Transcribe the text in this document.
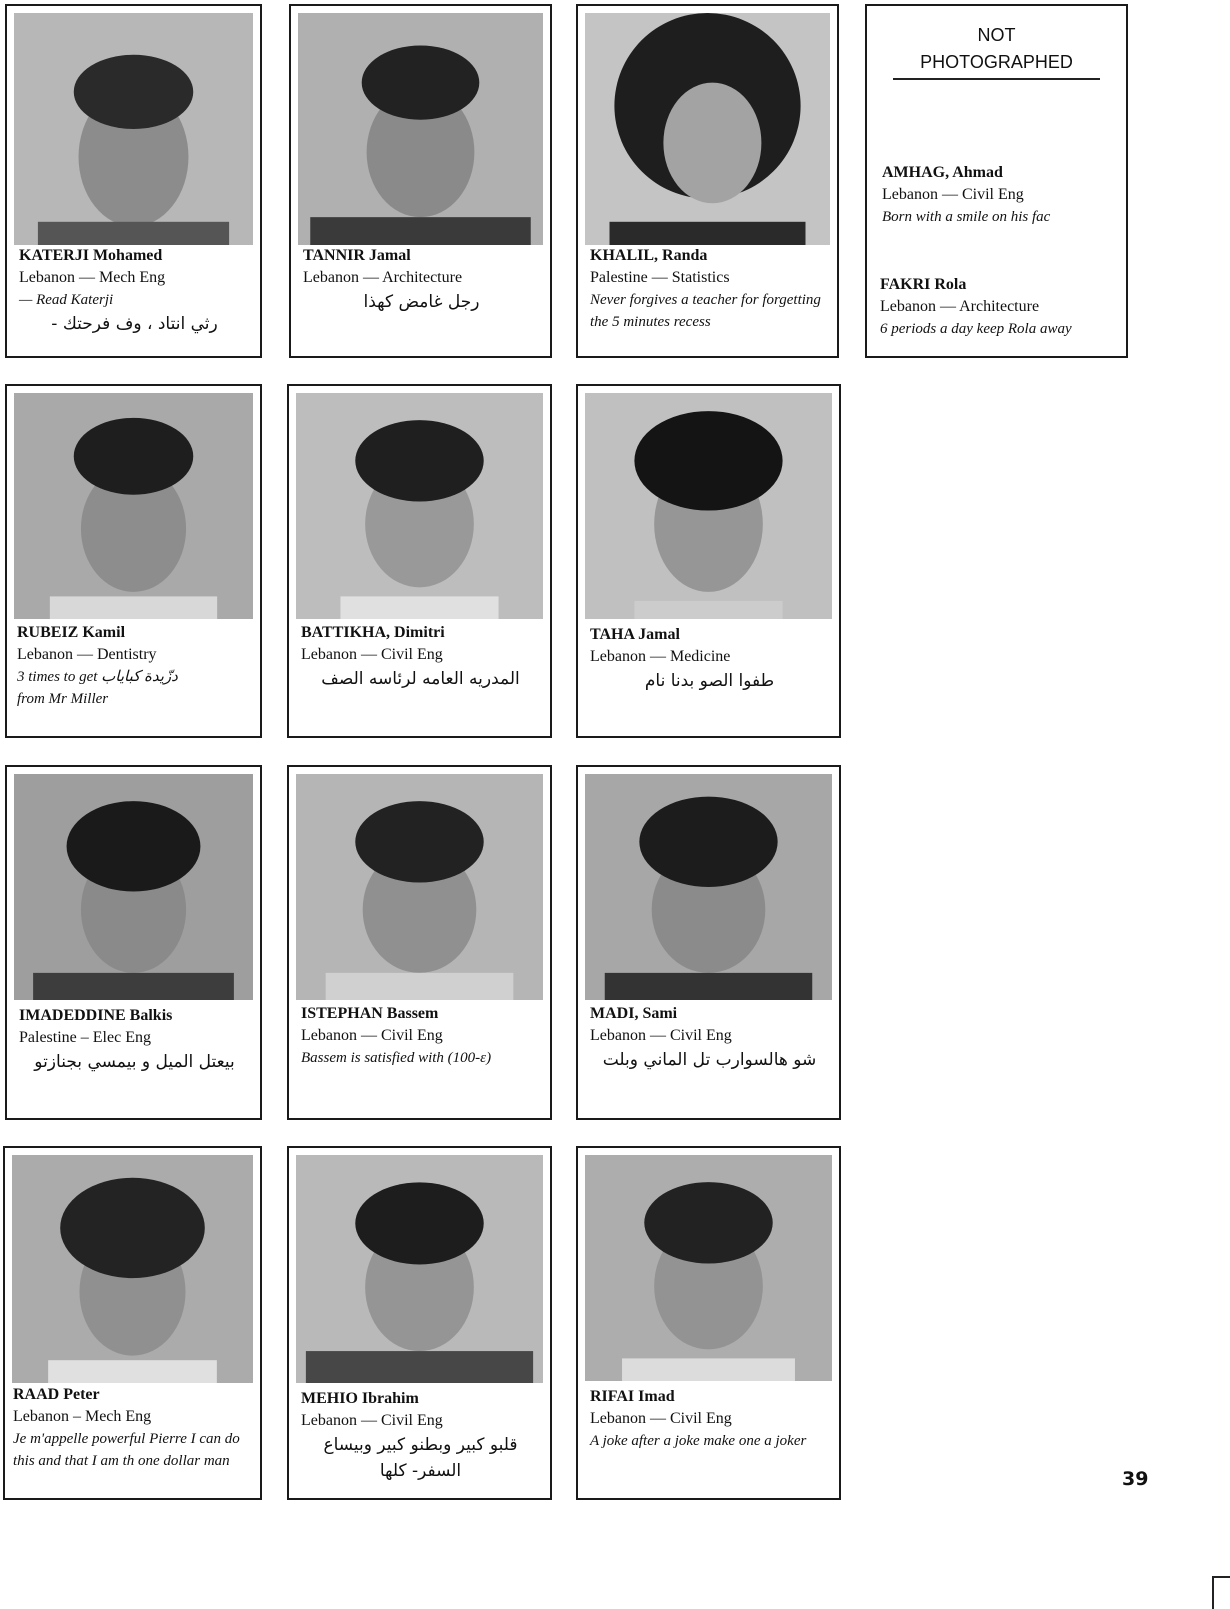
KATERJI Mohamed
Lebanon — Mech Eng
— Read Katerji
رثي انتاد ، وف فرحتك -
TANNIR Jamal
Lebanon — Architecture
رجل غامض كهذا
KHALIL, Randa
Palestine — Statistics
Never forgives a teacher for forgetting the 5 minutes recess
NOT
PHOTOGRAPHED
AMHAG, Ahmad
Lebanon — Civil Eng
Born with a smile on his fac
FAKRI Rola
Lebanon — Architecture
6 periods a day keep Rola away
RUBEIZ Kamil
Lebanon — Dentistry
3 times to get دزّيدة كباياب
from Mr Miller
BATTIKHA, Dimitri
Lebanon — Civil Eng
المدريه العامه لرئاسه الصف
TAHA Jamal
Lebanon — Medicine
طفوا الصو بدنا نام
IMADEDDINE Balkis
Palestine – Elec Eng
بيعتل الميل و بيمسي بجنازتو
ISTEPHAN Bassem
Lebanon — Civil Eng
Bassem is satisfied with (100-ε)
MADI, Sami
Lebanon — Civil Eng
شو هالسوارب تل الماني وبلت
RAAD Peter
Lebanon – Mech Eng
Je m'appelle powerful Pierre I can do this and that I am th one dollar man
MEHIO Ibrahim
Lebanon — Civil Eng
قلبو كبير وبطنو كبير وبيساع السفر- كلها
RIFAI Imad
Lebanon — Civil Eng
A joke after a joke make one a joker
39
